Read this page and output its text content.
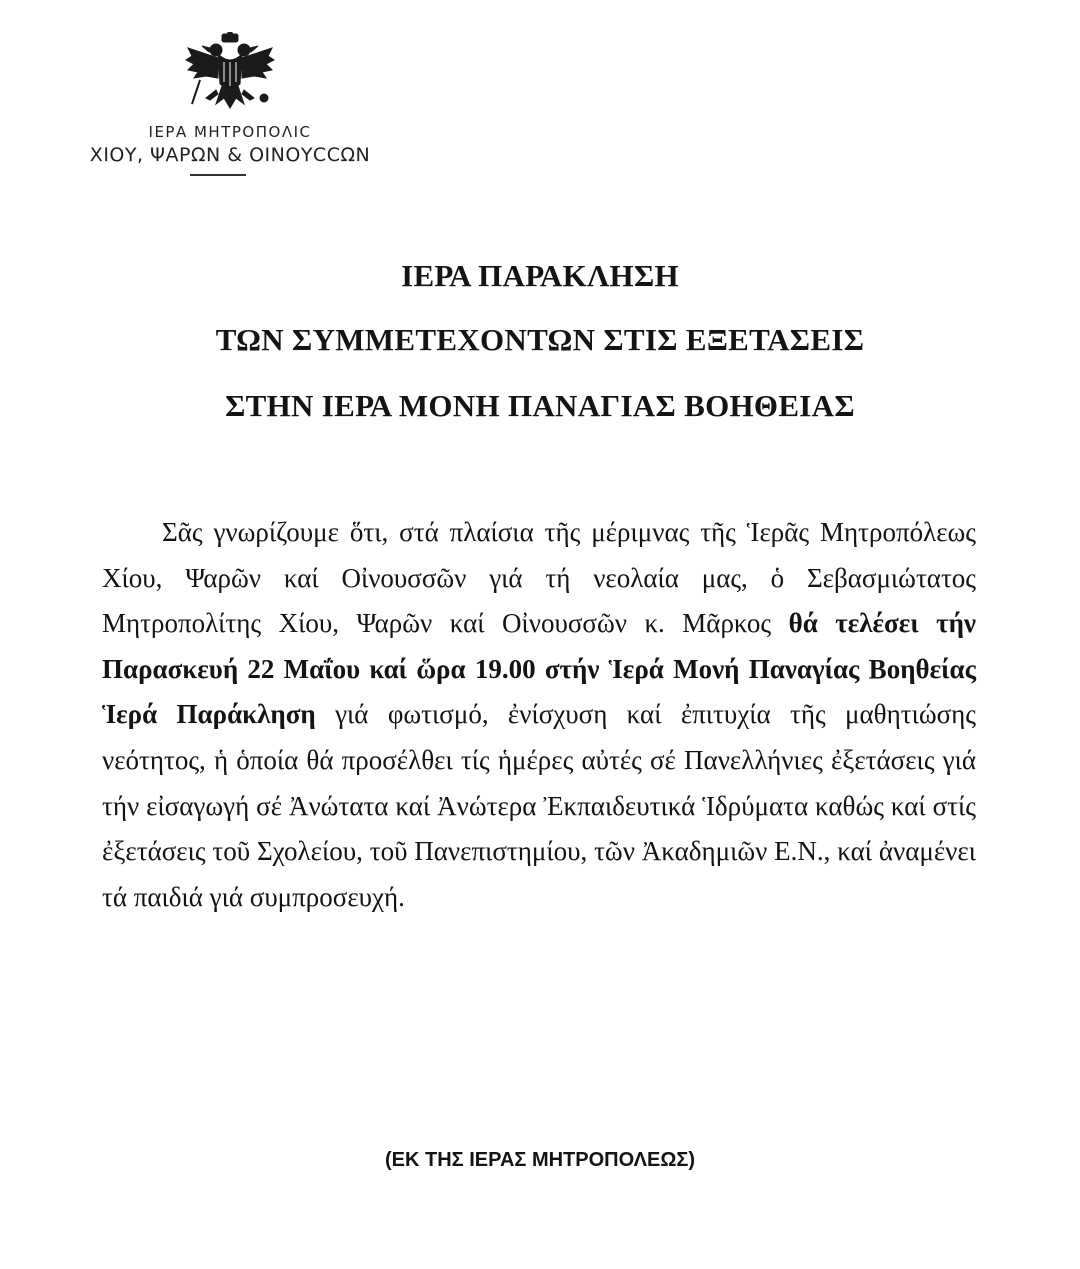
ΙΕΡΑ ΜΗΤΡΟΠΟΛΙC
ΧΙΟΥ, ΨΑΡΩΝ & ΟΙΝΟΥCCΩΝ
ΙΕΡΑ ΠΑΡΑΚΛΗΣΗ
ΤΩΝ ΣΥΜΜΕΤΕΧΟΝΤΩΝ ΣΤΙΣ ΕΞΕΤΑΣΕΙΣ
ΣΤΗΝ ΙΕΡΑ ΜΟΝΗ ΠΑΝΑΓΙΑΣ ΒΟΗΘΕΙΑΣ

Σᾶς γνωρίζουμε ὅτι, στά πλαίσια τῆς μέριμνας τῆς Ἱερᾶς Μητροπόλεως Χίου, Ψαρῶν καί Οἰνουσσῶν γιά τή νεολαία μας, ὁ Σεβασμιώτατος Μητροπολίτης Χίου, Ψαρῶν καί Οἰνουσσῶν κ. Μᾶρκος θά τελέσει τήν Παρασκευή 22 Μαΐου καί ὥρα 19.00 στήν Ἱερά Μονή Παναγίας Βοηθείας Ἱερά Παράκληση γιά φωτισμό, ἐνίσχυση καί ἐπιτυχία τῆς μαθητιώσης νεότητος, ἡ ὁποία θά προσέλθει τίς ἡμέρες αὐτές σέ Πανελλήνιες ἐξετάσεις γιά τήν εἰσαγωγή σέ Ἀνώτατα καί Ἀνώτερα Ἐκπαιδευτικά Ἱδρύματα καθώς καί στίς ἐξετάσεις τοῦ Σχολείου, τοῦ Πανεπιστημίου, τῶν Ἀκαδημιῶν Ε.Ν., καί ἀναμένει τά παιδιά γιά συμπροσευχή.

(ΕΚ ΤΗΣ ΙΕΡΑΣ ΜΗΤΡΟΠΟΛΕΩΣ)
